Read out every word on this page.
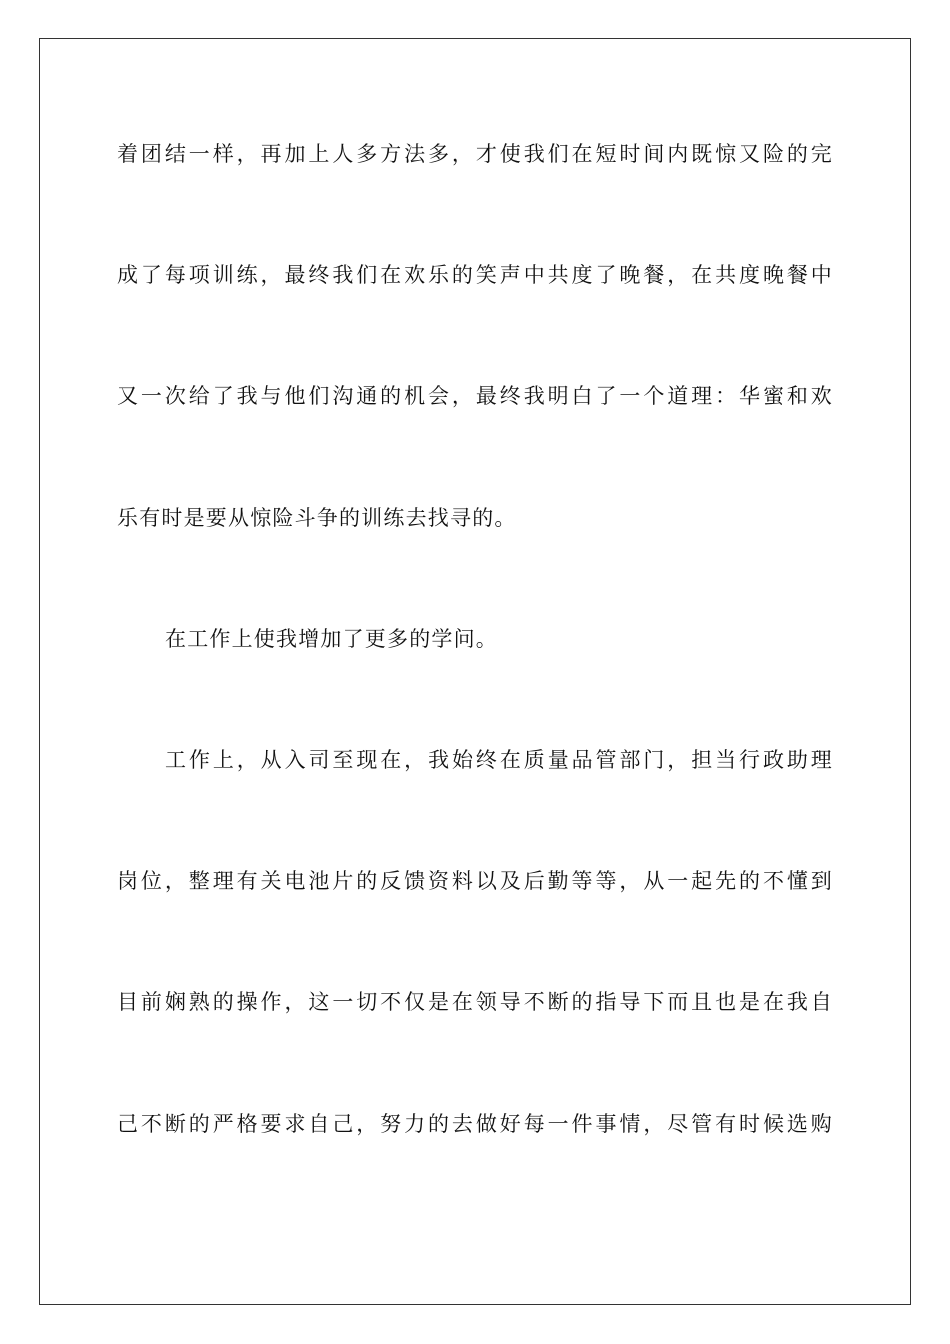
着团结一样，再加上人多方法多，才使我们在短时间内既惊又险的完
成了每项训练，最终我们在欢乐的笑声中共度了晚餐，在共度晚餐中
又一次给了我与他们沟通的机会，最终我明白了一个道理：华蜜和欢
乐有时是要从惊险斗争的训练去找寻的。
在工作上使我增加了更多的学问。
工作上，从入司至现在，我始终在质量品管部门，担当行政助理
岗位，整理有关电池片的反馈资料以及后勤等等，从一起先的不懂到
目前娴熟的操作，这一切不仅是在领导不断的指导下而且也是在我自
己不断的严格要求自己，努力的去做好每一件事情，尽管有时候选购
